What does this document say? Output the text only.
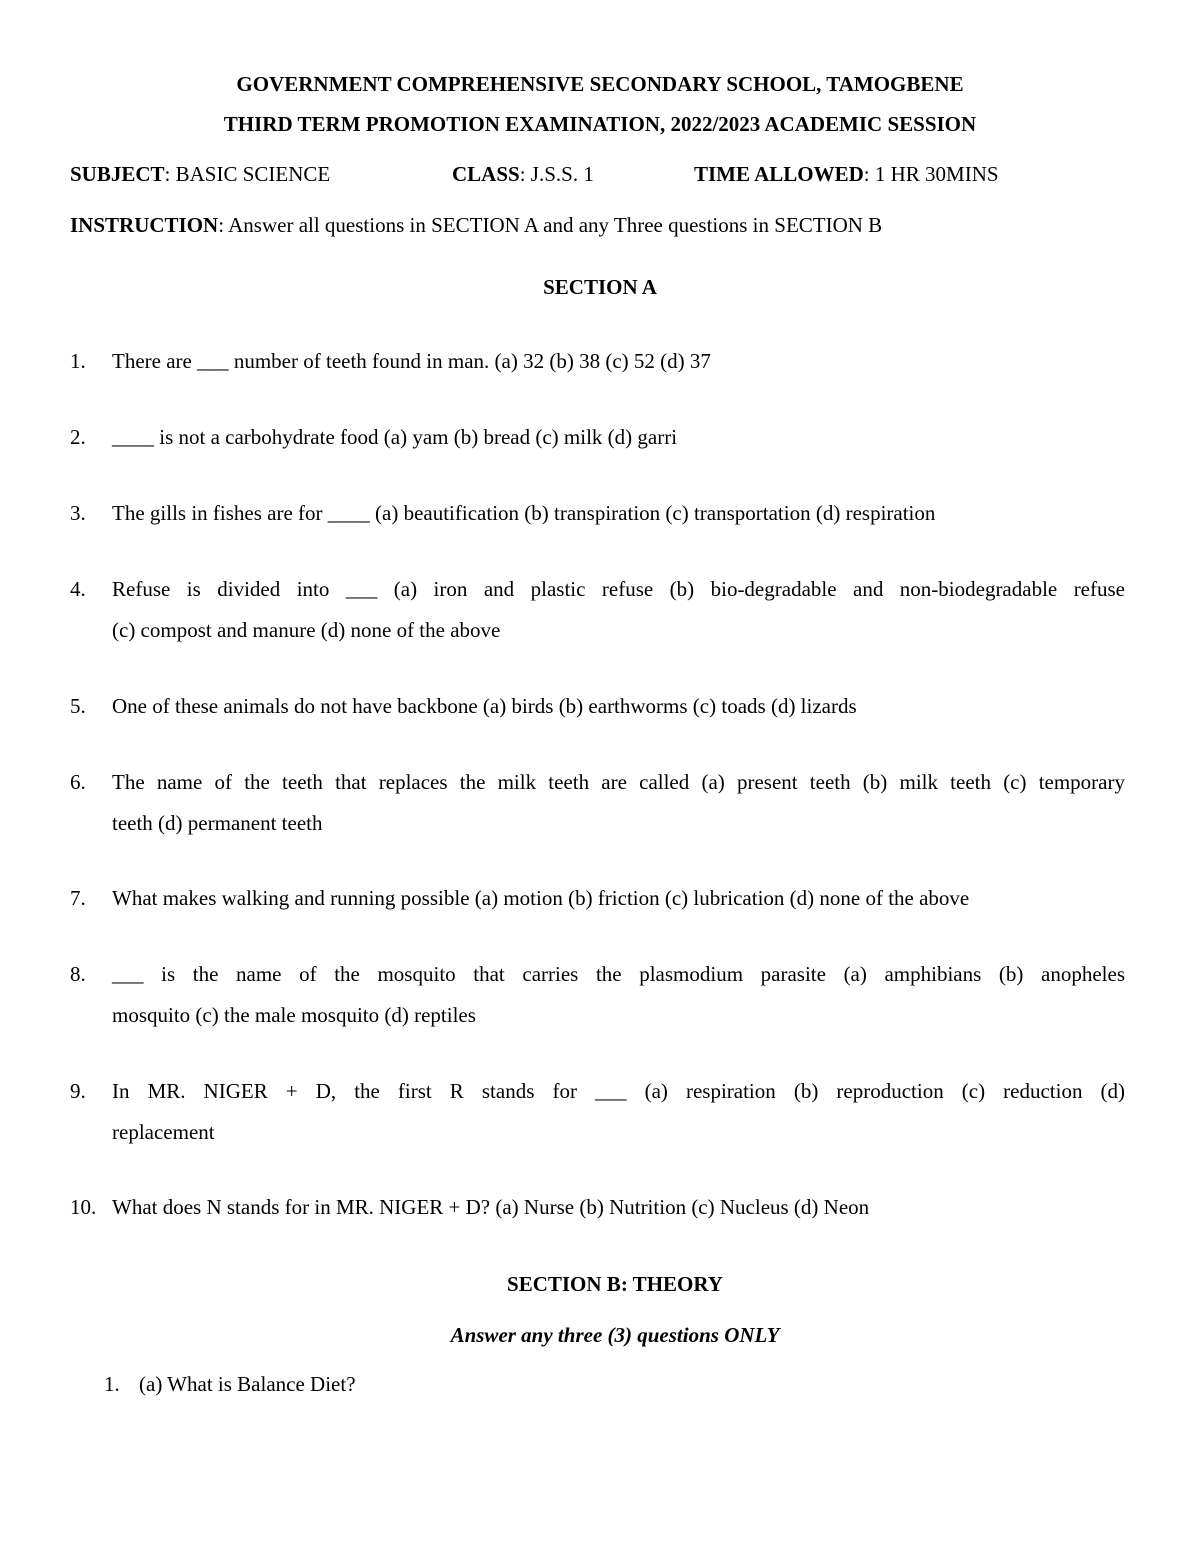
GOVERNMENT COMPREHENSIVE SECONDARY SCHOOL, TAMOGBENE
THIRD TERM PROMOTION EXAMINATION, 2022/2023 ACADEMIC SESSION
SUBJECT: BASIC SCIENCE	CLASS: J.S.S. 1	TIME ALLOWED: 1 HR 30MINS
INSTRUCTION: Answer all questions in SECTION A and any Three questions in SECTION B
SECTION A
1.	There are ___ number of teeth found in man. (a) 32 (b) 38 (c) 52 (d) 37
2.	____ is not a carbohydrate food (a) yam (b) bread (c) milk (d) garri
3.	The gills in fishes are for ____ (a) beautification (b) transpiration (c) transportation (d) respiration
4.	Refuse is divided into ___ (a) iron and plastic refuse (b) bio-degradable and non-biodegradable refuse
(c) compost and manure (d) none of the above
5.	One of these animals do not have backbone (a) birds (b) earthworms (c) toads (d) lizards
6.	The name of the teeth that replaces the milk teeth are called (a) present teeth (b) milk teeth (c) temporary
teeth (d) permanent teeth
7.	What makes walking and running possible (a) motion (b) friction (c) lubrication (d) none of the above
8.	___ is the name of the mosquito that carries the plasmodium parasite (a) amphibians (b) anopheles
mosquito (c) the male mosquito (d) reptiles
9.	In MR. NIGER + D, the first R stands for ___ (a) respiration (b) reproduction (c) reduction (d)
replacement
10. What does N stands for in MR. NIGER + D? (a) Nurse (b) Nutrition (c) Nucleus (d) Neon
SECTION B: THEORY
Answer any three (3) questions ONLY
1. (a) What is Balance Diet?
